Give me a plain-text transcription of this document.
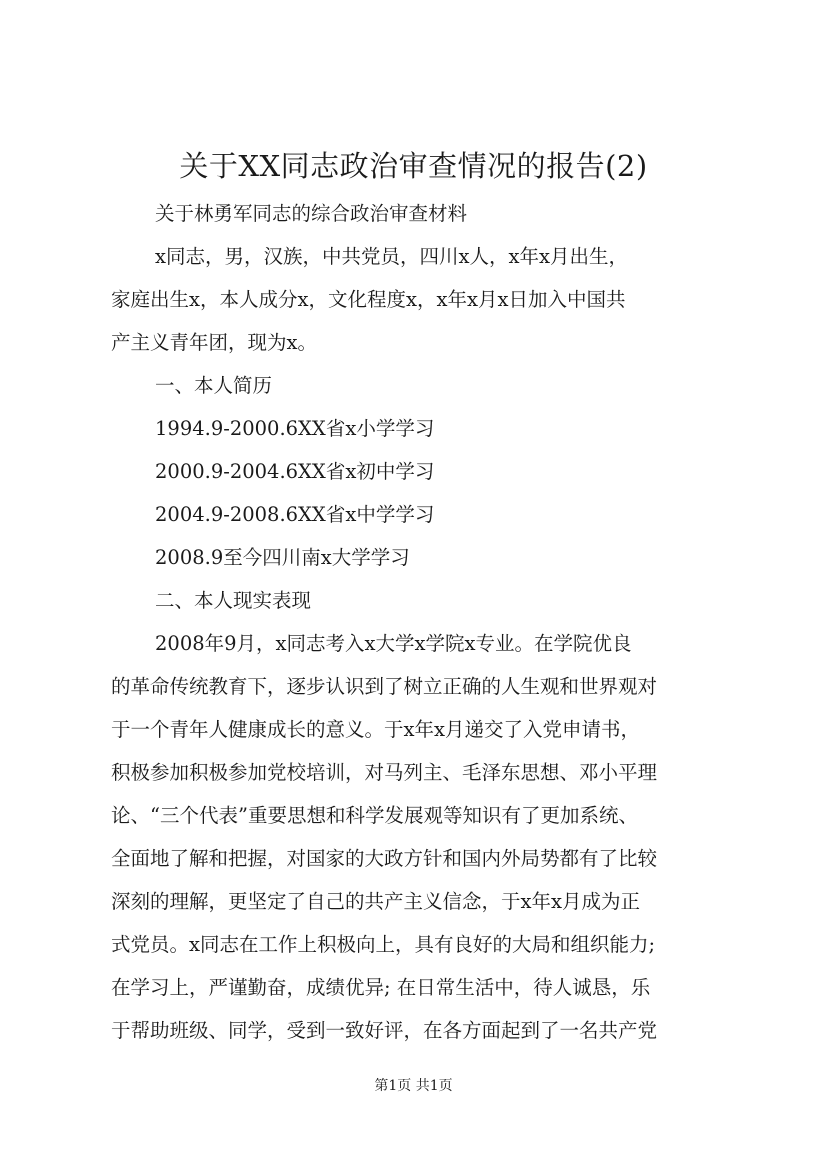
关于XX同志政治审查情况的报告(2)
关于林勇军同志的综合政治审查材料
x同志，男，汉族，中共党员，四川x人，x年x月出生，
家庭出生x，本人成分x，文化程度x，x年x月x日加入中国共
产主义青年团，现为x。
一、本人简历
1994.9-2000.6XX省x小学学习
2000.9-2004.6XX省x初中学习
2004.9-2008.6XX省x中学学习
2008.9至今四川南x大学学习
二、本人现实表现
2008年9月，x同志考入x大学x学院x专业。在学院优良
的革命传统教育下，逐步认识到了树立正确的人生观和世界观对
于一个青年人健康成长的意义。于x年x月递交了入党申请书，
积极参加积极参加党校培训，对马列主、毛泽东思想、邓小平理
论、“三个代表”重要思想和科学发展观等知识有了更加系统、
全面地了解和把握，对国家的大政方针和国内外局势都有了比较
深刻的理解，更坚定了自己的共产主义信念，于x年x月成为正
式党员。x同志在工作上积极向上，具有良好的大局和组织能力;
在学习上，严谨勤奋，成绩优异; 在日常生活中，待人诚恳，乐
于帮助班级、同学，受到一致好评，在各方面起到了一名共产党
第1页 共1页
